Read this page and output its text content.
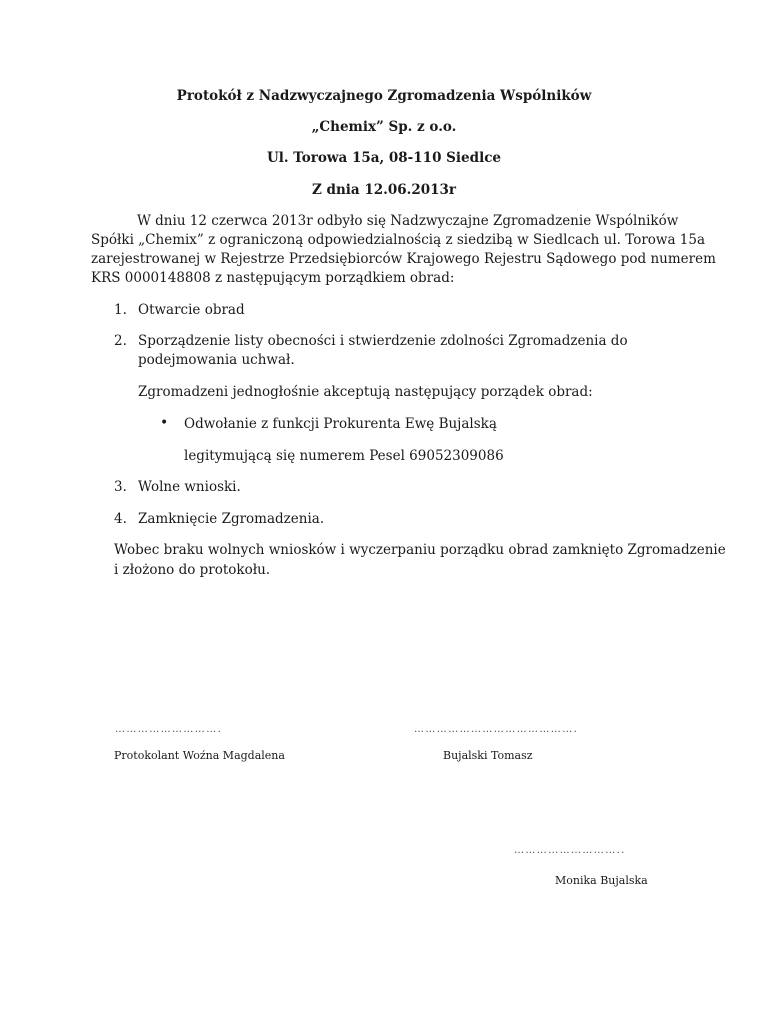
Protokół z Nadzwyczajnego Zgromadzenia Wspólników
„Chemix” Sp. z o.o.
Ul. Torowa 15a, 08-110 Siedlce
Z dnia 12.06.2013r
W dniu 12 czerwca 2013r odbyło się Nadzwyczajne Zgromadzenie Wspólników
Spółki „Chemix” z ograniczoną odpowiedzialnością z siedzibą w Siedlcach ul. Torowa 15a
zarejestrowanej w Rejestrze Przedsiębiorców Krajowego Rejestru Sądowego pod numerem
KRS 0000148808 z następującym porządkiem obrad:
1. Otwarcie obrad
2. Sporządzenie listy obecności i stwierdzenie zdolności Zgromadzenia do
podejmowania uchwał.
Zgromadzeni jednogłośnie akceptują następujący porządek obrad:
• Odwołanie z funkcji Prokurenta Ewę Bujalską
legitymującą się numerem Pesel 69052309086
3. Wolne wnioski.
4. Zamknięcie Zgromadzenia.
Wobec braku wolnych wniosków i wyczerpaniu porządku obrad zamknięto Zgromadzenie
i złożono do protokołu.
……………………….
Protokolant Woźna Magdalena
…………………………………….
Bujalski Tomasz
………………………..
Monika Bujalska
